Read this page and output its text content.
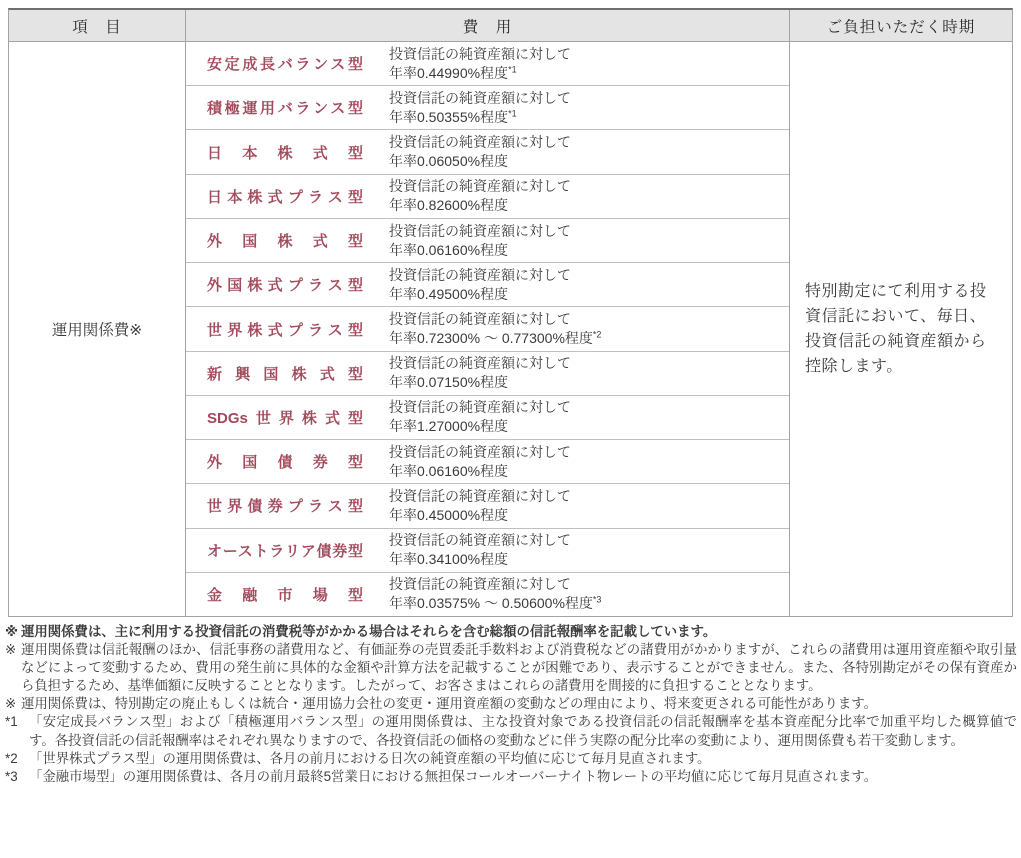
項　目	費　用	ご負担いただく時期
運用関係費※
安定成長バランス型
投資信託の純資産額に対して
年率0.44990%程度$^{*1}$
積極運用バランス型
投資信託の純資産額に対して
年率0.50355%程度$^{*1}$
日本株式型
投資信託の純資産額に対して
年率0.06050%程度
日本株式プラス型
投資信託の純資産額に対して
年率0.82600%程度
外国株式型
投資信託の純資産額に対して
年率0.06160%程度
外国株式プラス型
投資信託の純資産額に対して
年率0.49500%程度
世界株式プラス型
投資信託の純資産額に対して
年率0.72300% ～ 0.77300%程度$^{*2}$
新興国株式型
投資信託の純資産額に対して
年率0.07150%程度
SDGs世界株式型
投資信託の純資産額に対して
年率1.27000%程度
外国債券型
投資信託の純資産額に対して
年率0.06160%程度
世界債券プラス型
投資信託の純資産額に対して
年率0.45000%程度
オーストラリア債券型
投資信託の純資産額に対して
年率0.34100%程度
金融市場型
投資信託の純資産額に対して
年率0.03575% ～ 0.50600%程度$^{*3}$
特別勘定にて利用する投資信託において、毎日、投資信託の純資産額から控除します。
※ 運用関係費は、主に利用する投資信託の消費税等がかかる場合はそれらを含む総額の信託報酬率を記載しています。
※ 運用関係費は信託報酬のほか、信託事務の諸費用など、有価証券の売買委託手数料および消費税などの諸費用がかかりますが、これらの諸費用は運用資産額や取引量などによって変動するため、費用の発生前に具体的な金額や計算方法を記載することが困難であり、表示することができません。また、各特別勘定がその保有資産から負担するため、基準価額に反映することとなります。したがって、お客さまはこれらの諸費用を間接的に負担することとなります。
※ 運用関係費は、特別勘定の廃止もしくは統合・運用協力会社の変更・運用資産額の変動などの理由により、将来変更される可能性があります。
*1 「安定成長バランス型」および「積極運用バランス型」の運用関係費は、主な投資対象である投資信託の信託報酬率を基本資産配分比率で加重平均した概算値です。各投資信託の信託報酬率はそれぞれ異なりますので、各投資信託の価格の変動などに伴う実際の配分比率の変動により、運用関係費も若干変動します。
*2 「世界株式プラス型」の運用関係費は、各月の前月における日次の純資産額の平均値に応じて毎月見直されます。
*3 「金融市場型」の運用関係費は、各月の前月最終5営業日における無担保コールオーバーナイト物レートの平均値に応じて毎月見直されます。
